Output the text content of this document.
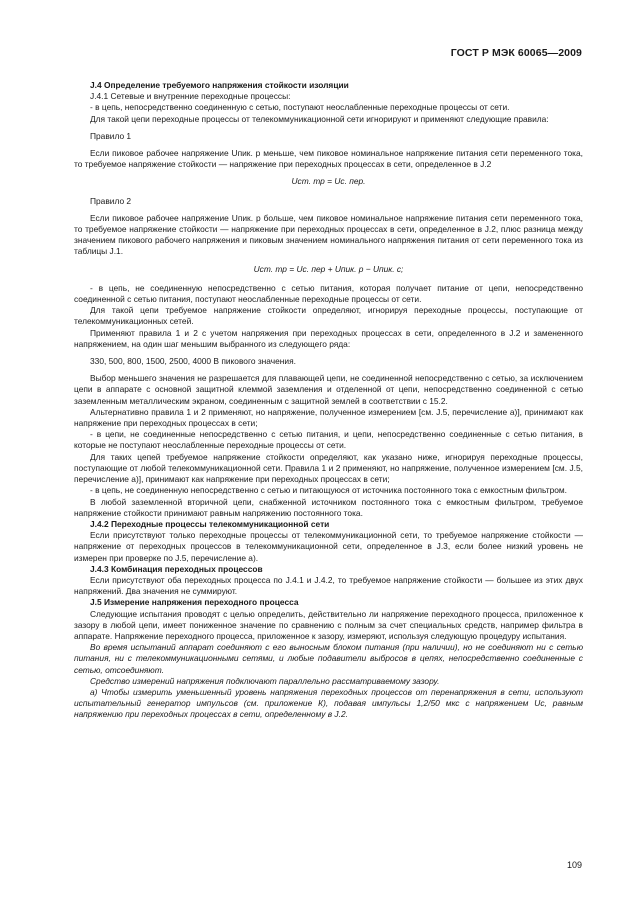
ГОСТ Р МЭК 60065—2009

J.4 Определение требуемого напряжения стойкости изоляции

J.4.1 Сетевые и внутренние переходные процессы:

- в цепь, непосредственно соединенную с сетью, поступают неослабленные переходные процессы от сети.

Для такой цепи переходные процессы от телекоммуникационной сети игнорируют и применяют следующие правила:

Правило 1

Если пиковое рабочее напряжение Uпик. р меньше, чем пиковое номинальное напряжение питания сети переменного тока, то требуемое напряжение стойкости — напряжение при переходных процессах в сети, определенное в J.2

Uст. тр = Uс. пер.

Правило 2

Если пиковое рабочее напряжение Uпик. р больше, чем пиковое номинальное напряжение питания сети переменного тока, то требуемое напряжение стойкости — напряжение при переходных процессах в сети, определенное в J.2, плюс разница между значением пикового рабочего напряжения и пиковым значением номинального напряжения питания от сети переменного тока из таблицы J.1.

Uст. тр = Uс. пер + Uпик. р − Uпик. с;

- в цепь, не соединенную непосредственно с сетью питания, которая получает питание от цепи, непосредственно соединенной с сетью питания, поступают неослабленные переходные процессы от сети.

Для такой цепи требуемое напряжение стойкости определяют, игнорируя переходные процессы, поступающие от телекоммуникационных сетей.

Применяют правила 1 и 2 с учетом напряжения при переходных процессах в сети, определенного в J.2 и замененного напряжением, на один шаг меньшим выбранного из следующего ряда:

330, 500, 800, 1500, 2500, 4000 В пикового значения.

Выбор меньшего значения не разрешается для плавающей цепи, не соединенной непосредственно с сетью, за исключением цепи в аппарате с основной защитной клеммой заземления и отделенной от цепи, непосредственно соединенной с сетью заземленным металлическим экраном, соединенным с защитной землей в соответствии с 15.2.

Альтернативно правила 1 и 2 применяют, но напряжение, полученное измерением [см. J.5, перечисление а)], принимают как напряжение при переходных процессах в сети;

- в цепи, не соединенные непосредственно с сетью питания, и цепи, непосредственно соединенные с сетью питания, в которые не поступают неослабленные переходные процессы от сети.

Для таких цепей требуемое напряжение стойкости определяют, как указано ниже, игнорируя переходные процессы, поступающие от любой телекоммуникационной сети. Правила 1 и 2 применяют, но напряжение, полученное измерением [см. J.5, перечисление а)], принимают как напряжение при переходных процессах в сети;

- в цепь, не соединенную непосредственно с сетью и питающуюся от источника постоянного тока с емкостным фильтром.

В любой заземленной вторичной цепи, снабженной источником постоянного тока с емкостным фильтром, требуемое напряжение стойкости принимают равным напряжению постоянного тока.

J.4.2 Переходные процессы телекоммуникационной сети

Если присутствуют только переходные процессы от телекоммуникационной сети, то требуемое напряжение стойкости — напряжение от переходных процессов в телекоммуникационной сети, определенное в J.3, если более низкий уровень не измерен при проверке по J.5, перечисление а).

J.4.3 Комбинация переходных процессов

Если присутствуют оба переходных процесса по J.4.1 и J.4.2, то требуемое напряжение стойкости — большее из этих двух напряжений. Два значения не суммируют.

J.5 Измерение напряжения переходного процесса

Следующие испытания проводят с целью определить, действительно ли напряжение переходного процесса, приложенное к зазору в любой цепи, имеет пониженное значение по сравнению с полным за счет специальных средств, например фильтра в аппарате. Напряжение переходного процесса, приложенное к зазору, измеряют, используя следующую процедуру испытания.

Во время испытаний аппарат соединяют с его выносным блоком питания (при наличии), но не соединяют ни с сетью питания, ни с телекоммуникационными сетями, и любые подавители выбросов в цепях, непосредственно соединенные с сетью, отсоединяют.

Средство измерений напряжения подключают параллельно рассматриваемому зазору.

а) Чтобы измерить уменьшенный уровень напряжения переходных процессов от перенапряжения в сети, используют испытательный генератор импульсов (см. приложение К), подавая импульсы 1,2/50 мкс с напряжением Uс, равным напряжению при переходных процессах в сети, определенному в J.2.

109
